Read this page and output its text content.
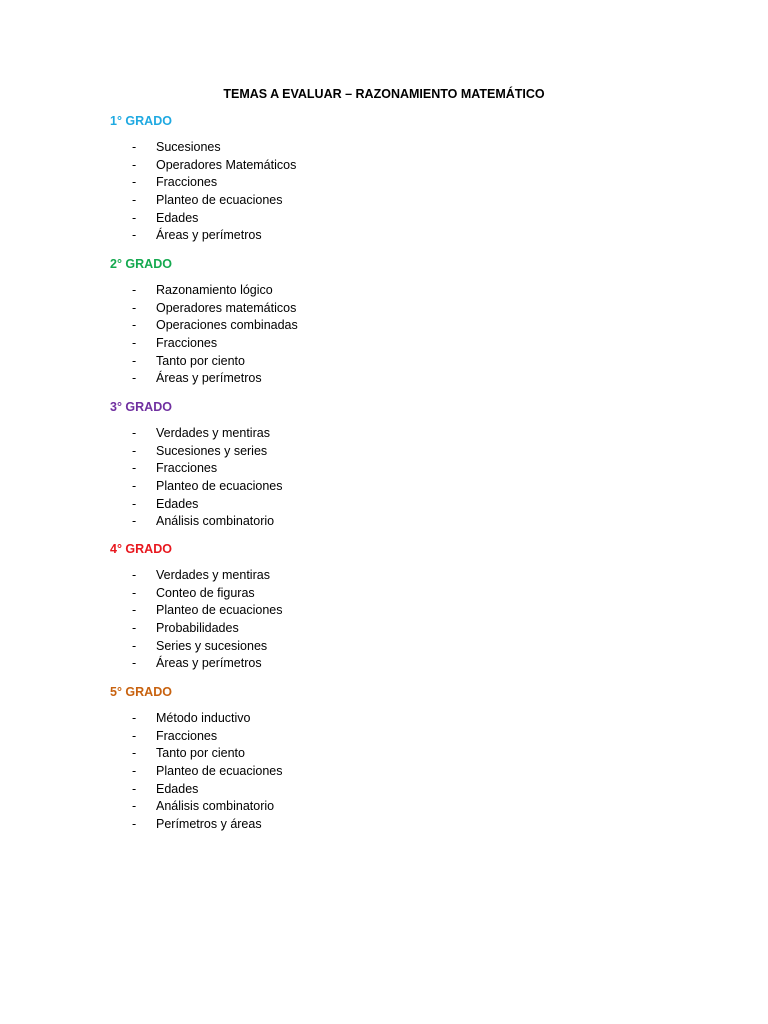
TEMAS A EVALUAR – RAZONAMIENTO MATEMÁTICO
1° GRADO
- Sucesiones
- Operadores Matemáticos
- Fracciones
- Planteo de ecuaciones
- Edades
- Áreas y perímetros
2° GRADO
- Razonamiento lógico
- Operadores matemáticos
- Operaciones combinadas
- Fracciones
- Tanto por ciento
- Áreas y perímetros
3° GRADO
- Verdades y mentiras
- Sucesiones y series
- Fracciones
- Planteo de ecuaciones
- Edades
- Análisis combinatorio
4° GRADO
- Verdades y mentiras
- Conteo de figuras
- Planteo de ecuaciones
- Probabilidades
- Series y sucesiones
- Áreas y perímetros
5° GRADO
- Método inductivo
- Fracciones
- Tanto por ciento
- Planteo de ecuaciones
- Edades
- Análisis combinatorio
- Perímetros y áreas
